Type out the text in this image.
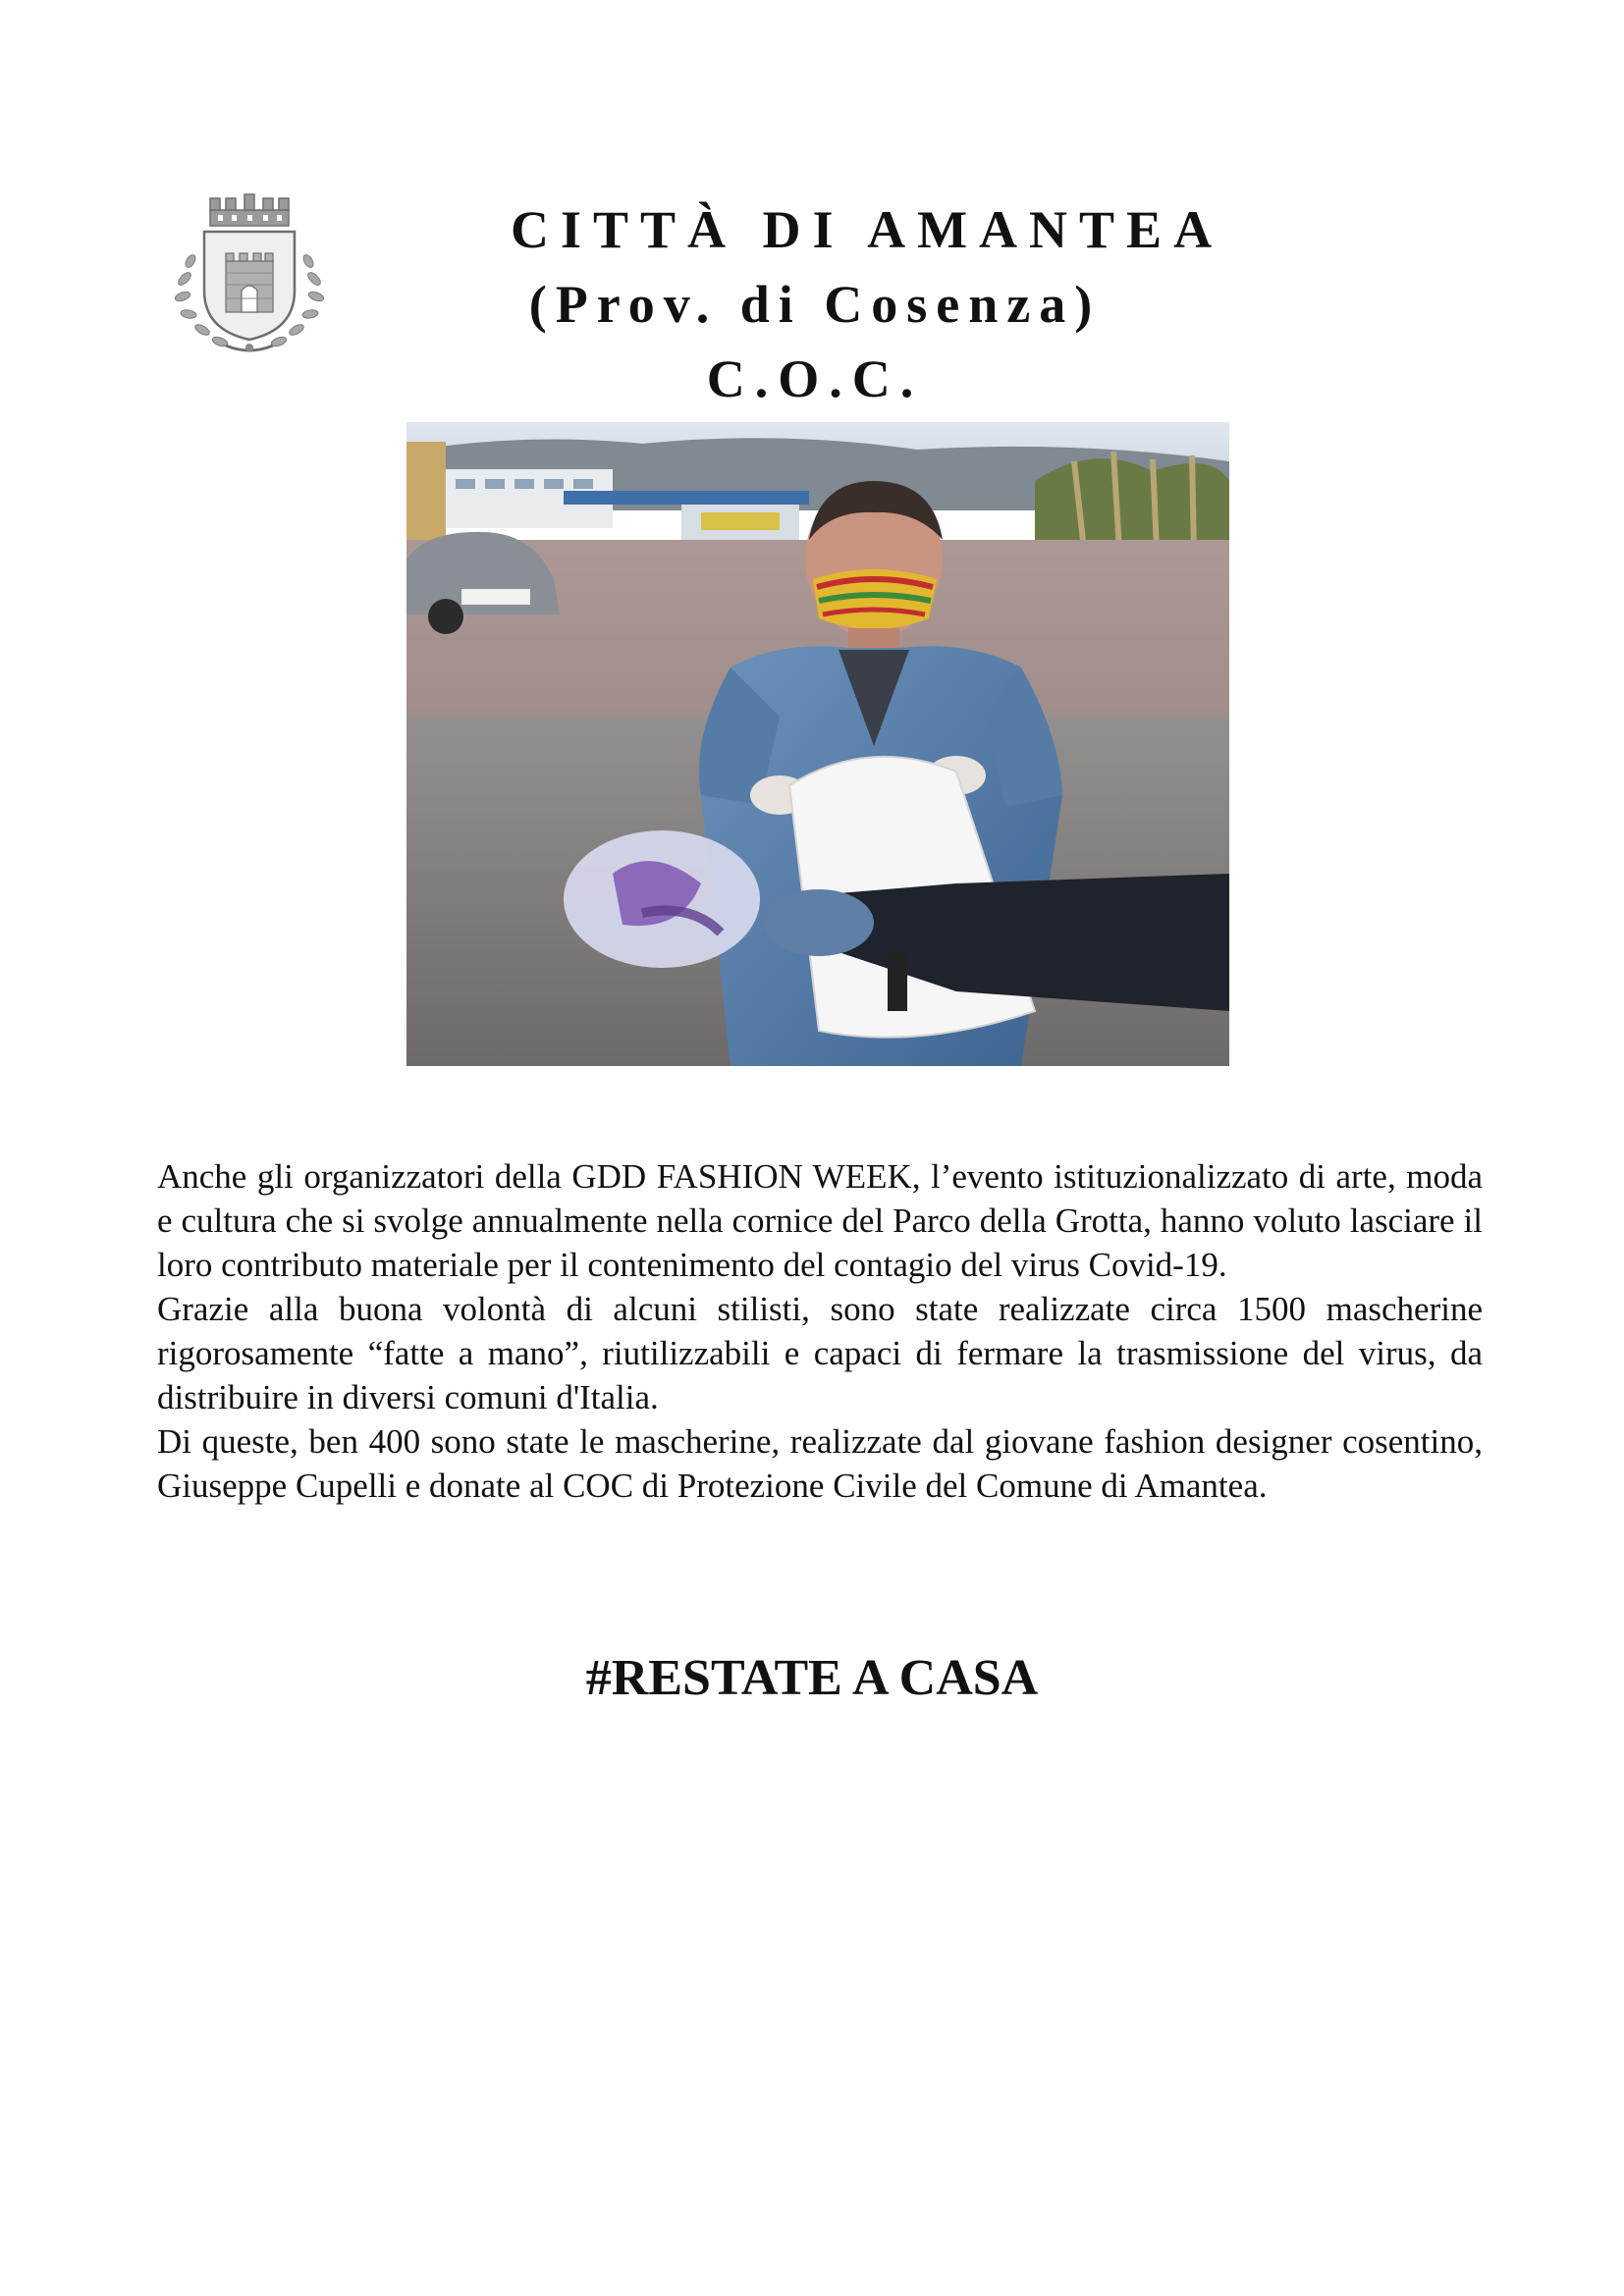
CITTÀ DI AMANTEA
(Prov. di Cosenza)
C.O.C.

Anche gli organizzatori della GDD FASHION WEEK, l’evento istituzionalizzato di arte, moda e cultura che si svolge annualmente nella cornice del Parco della Grotta, hanno voluto lasciare il loro contributo materiale per il contenimento del contagio del virus Covid-19.

Grazie alla buona volontà di alcuni stilisti, sono state realizzate circa 1500 mascherine rigorosamente “fatte a mano”, riutilizzabili e capaci di fermare la trasmissione del virus, da distribuire in diversi comuni d'Italia.

Di queste, ben 400 sono state le mascherine, realizzate dal giovane fashion designer cosentino, Giuseppe Cupelli e donate al COC di Protezione Civile del Comune di Amantea.

#RESTATE A CASA
